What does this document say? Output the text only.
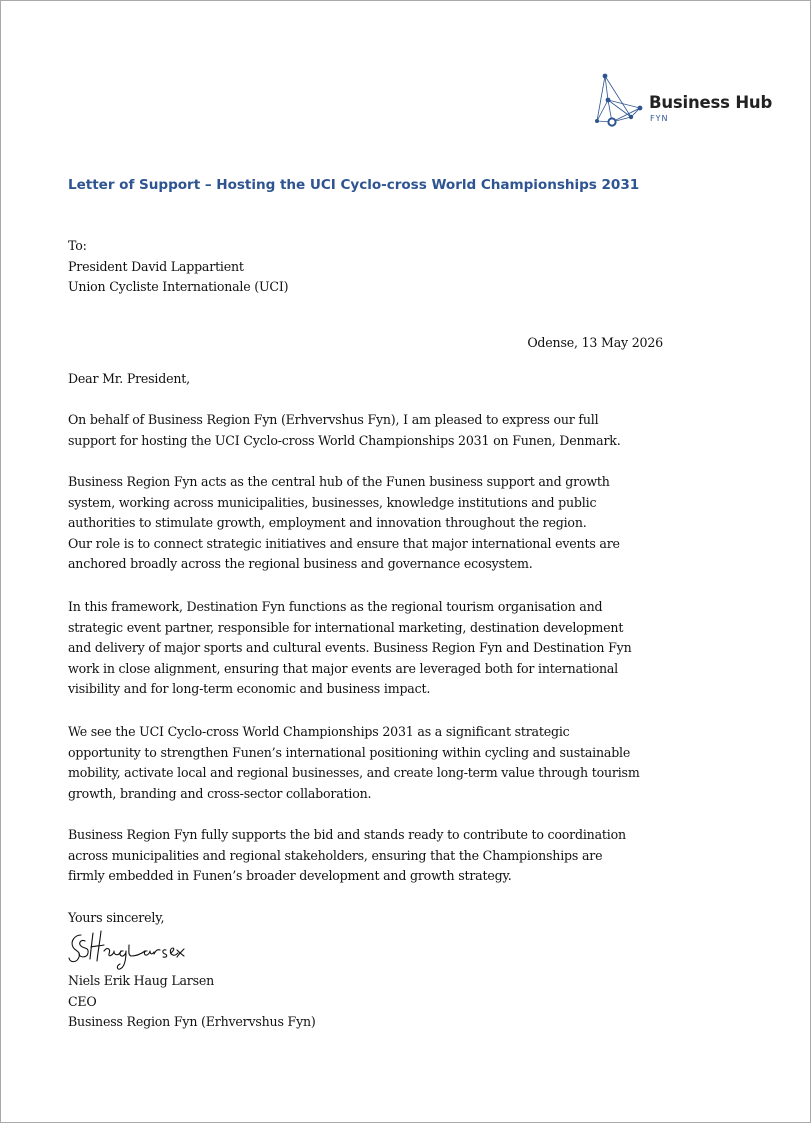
Business Hub
FYN
Letter of Support – Hosting the UCI Cyclo-cross World Championships 2031
To:
President David Lappartient
Union Cycliste Internationale (UCI)
Odense, 13 May 2026
Dear Mr. President,
On behalf of Business Region Fyn (Erhvervshus Fyn), I am pleased to express our full
support for hosting the UCI Cyclo-cross World Championships 2031 on Funen, Denmark.
Business Region Fyn acts as the central hub of the Funen business support and growth
system, working across municipalities, businesses, knowledge institutions and public
authorities to stimulate growth, employment and innovation throughout the region.
Our role is to connect strategic initiatives and ensure that major international events are
anchored broadly across the regional business and governance ecosystem.
In this framework, Destination Fyn functions as the regional tourism organisation and
strategic event partner, responsible for international marketing, destination development
and delivery of major sports and cultural events. Business Region Fyn and Destination Fyn
work in close alignment, ensuring that major events are leveraged both for international
visibility and for long-term economic and business impact.
We see the UCI Cyclo-cross World Championships 2031 as a significant strategic
opportunity to strengthen Funen’s international positioning within cycling and sustainable
mobility, activate local and regional businesses, and create long-term value through tourism
growth, branding and cross-sector collaboration.
Business Region Fyn fully supports the bid and stands ready to contribute to coordination
across municipalities and regional stakeholders, ensuring that the Championships are
firmly embedded in Funen’s broader development and growth strategy.
Yours sincerely,
Niels Erik Haug Larsen
CEO
Business Region Fyn (Erhvervshus Fyn)
